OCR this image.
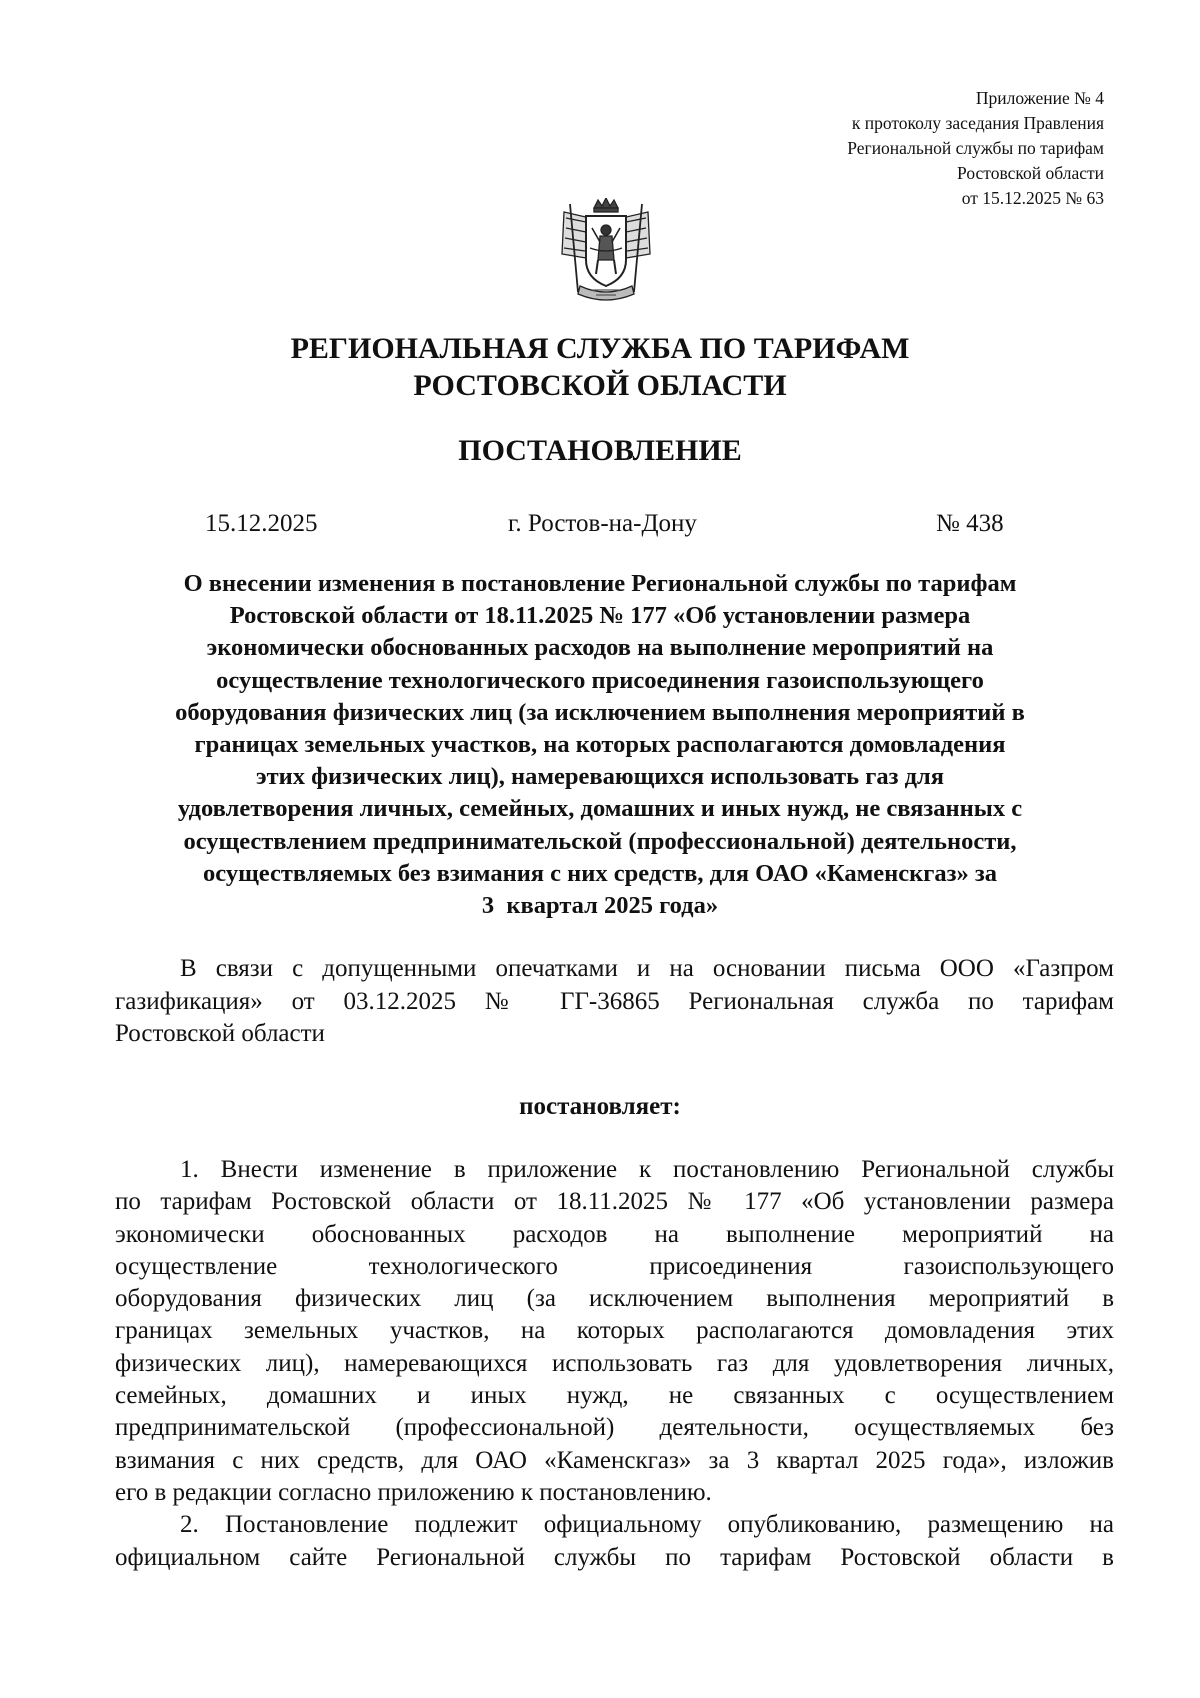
Приложение № 4
к протоколу заседания Правления
Региональной службы по тарифам
Ростовской области
от 15.12.2025 № 63
РЕГИОНАЛЬНАЯ СЛУЖБА ПО ТАРИФАМ
РОСТОВСКОЙ ОБЛАСТИ
ПОСТАНОВЛЕНИЕ
15.12.2025	г. Ростов-на-Дону	№ 438
О внесении изменения в постановление Региональной службы по тарифам
Ростовской области от 18.11.2025 № 177 «Об установлении размера
экономически обоснованных расходов на выполнение мероприятий на
осуществление технологического присоединения газоиспользующего
оборудования физических лиц (за исключением выполнения мероприятий в
границах земельных участков, на которых располагаются домовладения
этих физических лиц), намеревающихся использовать газ для
удовлетворения личных, семейных, домашних и иных нужд, не связанных с
осуществлением предпринимательской (профессиональной) деятельности,
осуществляемых без взимания с них средств, для ОАО «Каменскгаз» за
3  квартал 2025 года»
В связи с допущенными опечатками и на основании письма ООО «Газпром
газификация» от 03.12.2025 № ГГ-36865 Региональная служба по тарифам
Ростовской области
постановляет:
1. Внести изменение в приложение к постановлению Региональной службы
по тарифам Ростовской области от 18.11.2025 № 177 «Об установлении размера
экономически обоснованных расходов на выполнение мероприятий на
осуществление технологического присоединения газоиспользующего
оборудования физических лиц (за исключением выполнения мероприятий в
границах земельных участков, на которых располагаются домовладения этих
физических лиц), намеревающихся использовать газ для удовлетворения личных,
семейных, домашних и иных нужд, не связанных с осуществлением
предпринимательской (профессиональной) деятельности, осуществляемых без
взимания с них средств, для ОАО «Каменскгаз» за 3 квартал 2025 года», изложив
его в редакции согласно приложению к постановлению.
2. Постановление подлежит официальному опубликованию, размещению на
официальном сайте Региональной службы по тарифам Ростовской области в
